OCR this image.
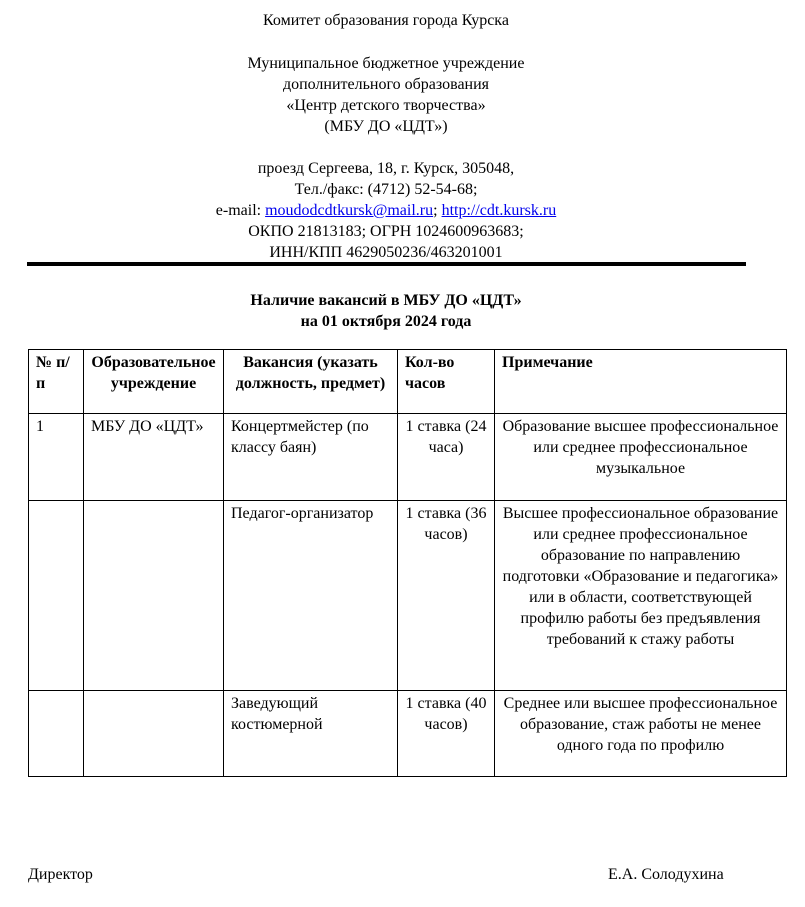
Комитет образования города Курска
Муниципальное бюджетное учреждение
дополнительного образования
«Центр детского творчества»
(МБУ ДО «ЦДТ»)
проезд Сергеева, 18, г. Курск, 305048,
Тел./факс: (4712) 52-54-68;
e-mail: moudodcdtkursk@mail.ru; http://cdt.kursk.ru
ОКПО 21813183; ОГРН 1024600963683;
ИНН/КПП 4629050236/463201001
Наличие вакансий в МБУ ДО «ЦДТ»
на 01 октября 2024 года
№ п/п	Образовательное учреждение	Вакансия (указать должность, предмет)	Кол-во часов	Примечание
1	МБУ ДО «ЦДТ»	Концертмейстер (по классу баян)	1 ставка (24 часа)	Образование высшее профессиональное или среднее профессиональное музыкальное
		Педагог-организатор	1 ставка (36 часов)	Высшее профессиональное образование или среднее профессиональное образование по направлению подготовки «Образование и педагогика» или в области, соответствующей профилю работы без предъявления требований к стажу работы
		Заведующий костюмерной	1 ставка (40 часов)	Среднее или высшее профессиональное образование, стаж работы не менее одного года по профилю
Директор	Е.А. Солодухина
